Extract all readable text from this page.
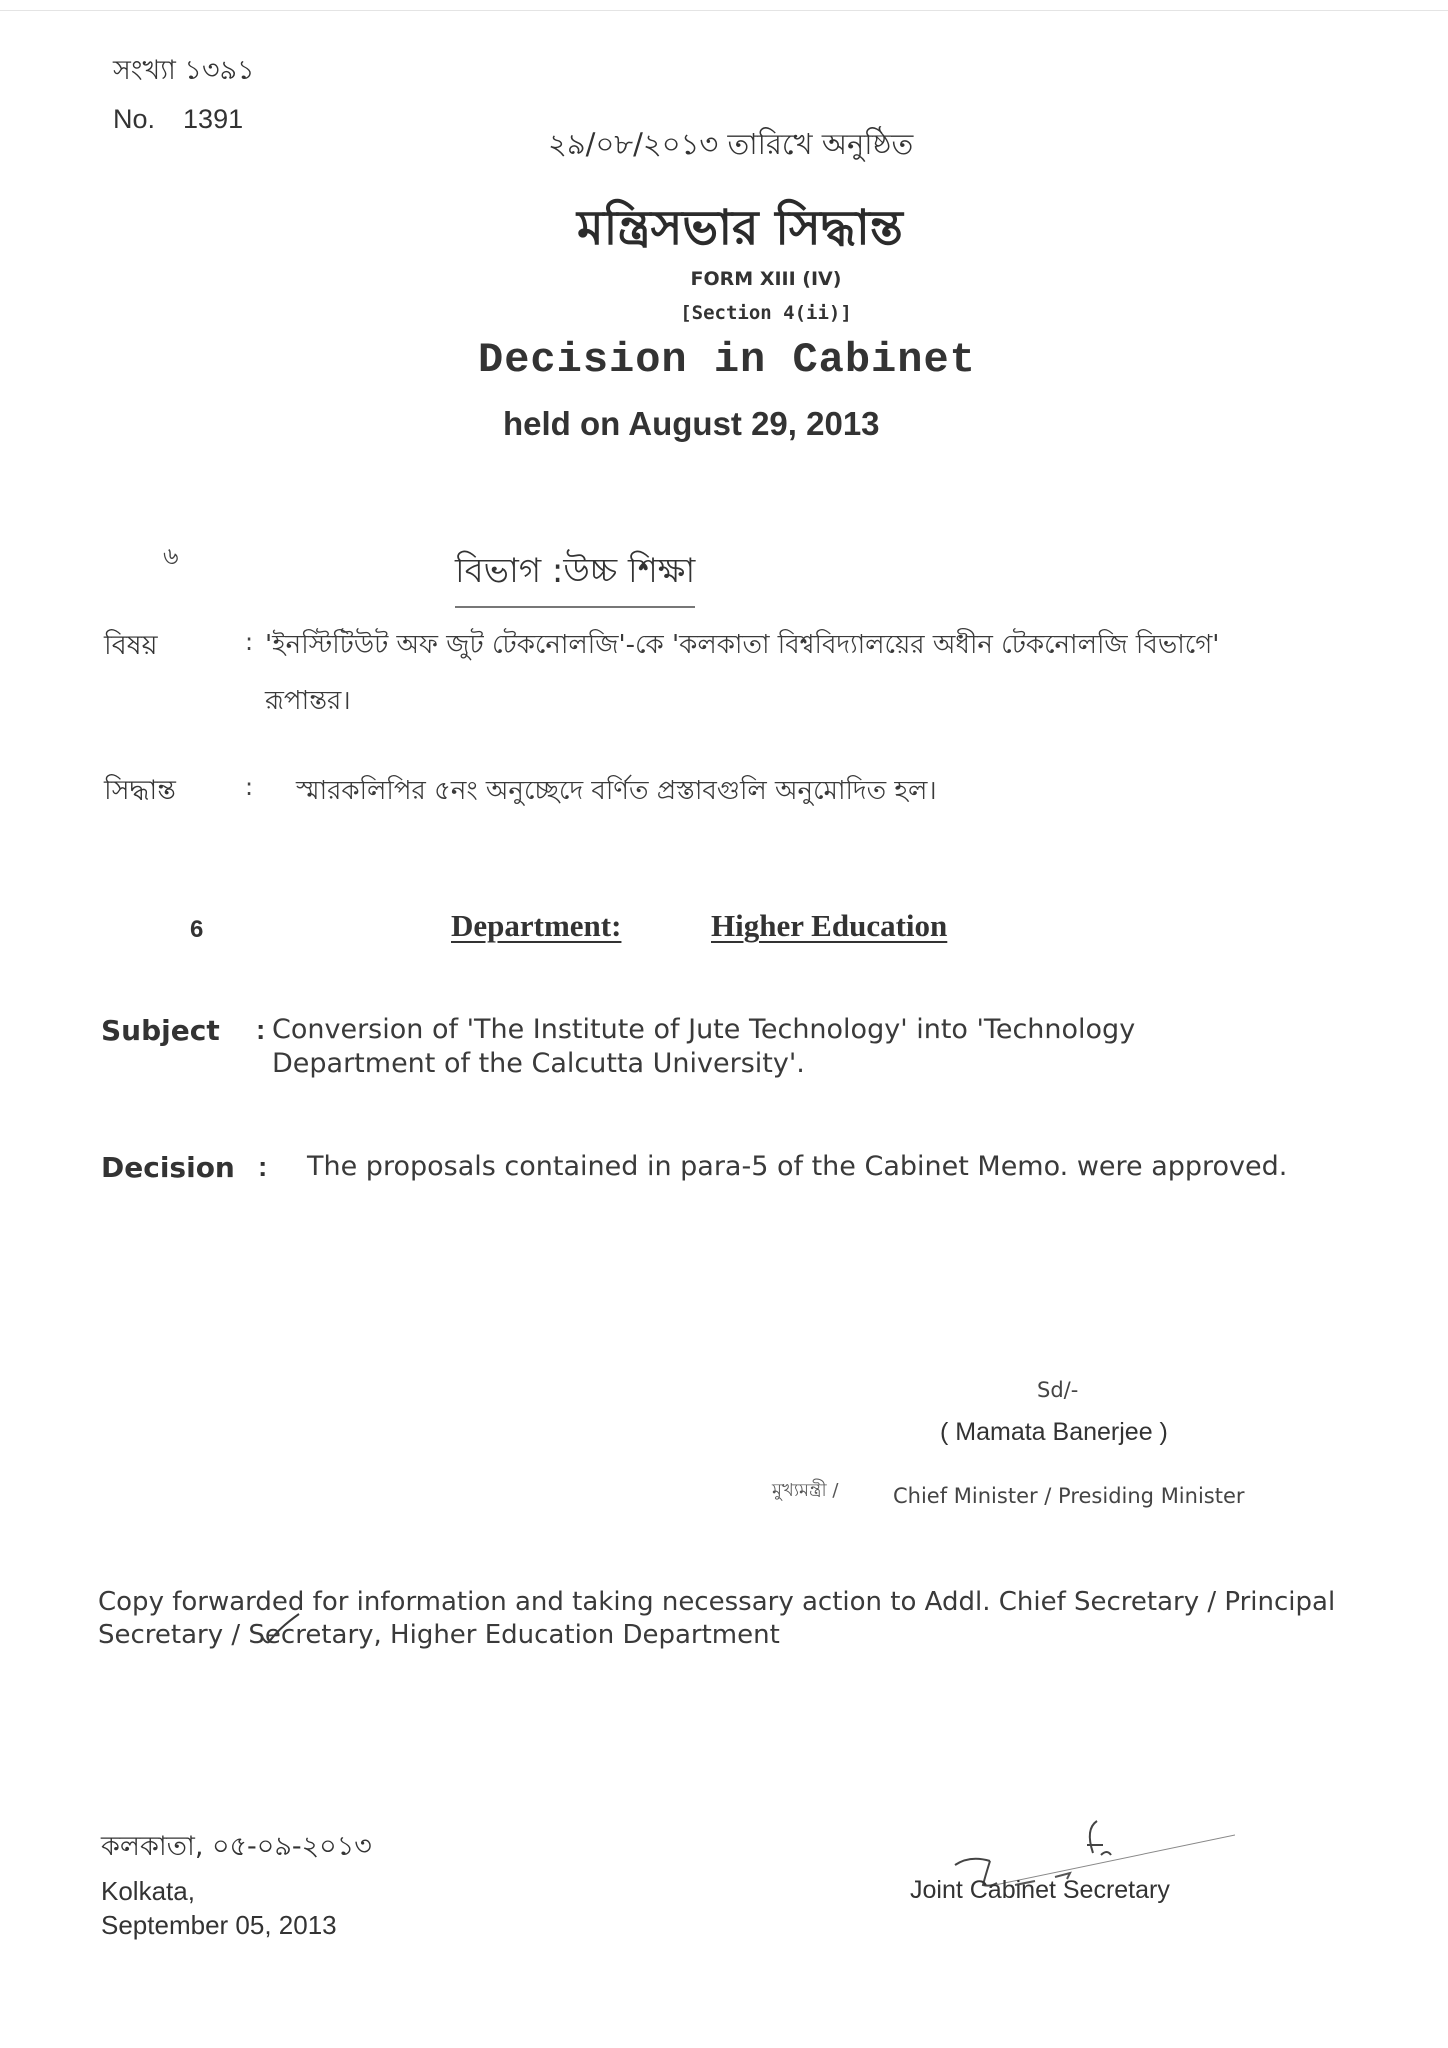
সংখ্যা ১৩৯১
No. 1391
২৯/০৮/২০১৩ তারিখে অনুষ্ঠিত
মন্ত্রিসভার সিদ্ধান্ত
FORM XIII (IV)
[Section 4(ii)]
Decision in Cabinet
held on August 29, 2013
৬	বিভাগ :উচ্চ শিক্ষা
বিষয়	: 'ইনস্টিটিউট অফ জুট টেকনোলজি'-কে 'কলকাতা বিশ্ববিদ্যালয়ের অধীন টেকনোলজি বিভাগে'
রূপান্তর।
সিদ্ধান্ত	: স্মারকলিপির ৫নং অনুচ্ছেদে বর্ণিত প্রস্তাবগুলি অনুমোদিত হল।
6	Department:	Higher Education
Subject : Conversion of 'The Institute of Jute Technology' into 'Technology
Department of the Calcutta University'.
Decision : The proposals contained in para-5 of the Cabinet Memo. were approved.
Sd/-
( Mamata Banerjee )
মুখ্যমন্ত্রী /	Chief Minister / Presiding Minister
Copy forwarded for information and taking necessary action to Addl. Chief Secretary / Principal
Secretary / Secretary, Higher Education Department
কলকাতা, ০৫-০৯-২০১৩
Kolkata,
September 05, 2013
Joint Cabinet Secretary
